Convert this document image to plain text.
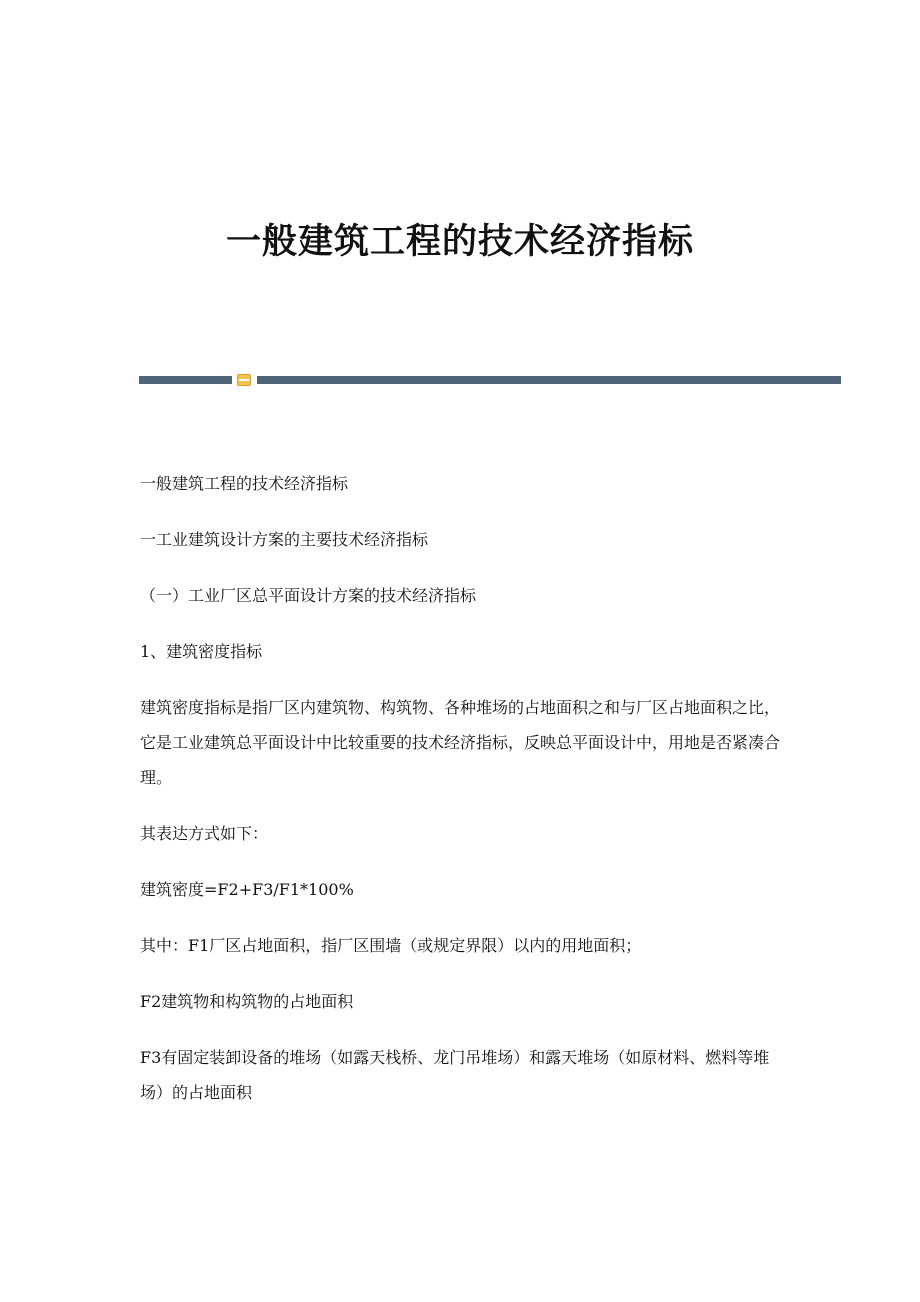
一般建筑工程的技术经济指标

一般建筑工程的技术经济指标

一工业建筑设计方案的主要技术经济指标

（一）工业厂区总平面设计方案的技术经济指标

1、建筑密度指标

建筑密度指标是指厂区内建筑物、构筑物、各种堆场的占地面积之和与厂区占地面积之比，它是工业建筑总平面设计中比较重要的技术经济指标，反映总平面设计中，用地是否紧凑合理。

其表达方式如下：

建筑密度=F2+F3/F1*100%

其中：F1厂区占地面积，指厂区围墙（或规定界限）以内的用地面积；

F2建筑物和构筑物的占地面积

F3有固定装卸设备的堆场（如露天栈桥、龙门吊堆场）和露天堆场（如原材料、燃料等堆场）的占地面积
